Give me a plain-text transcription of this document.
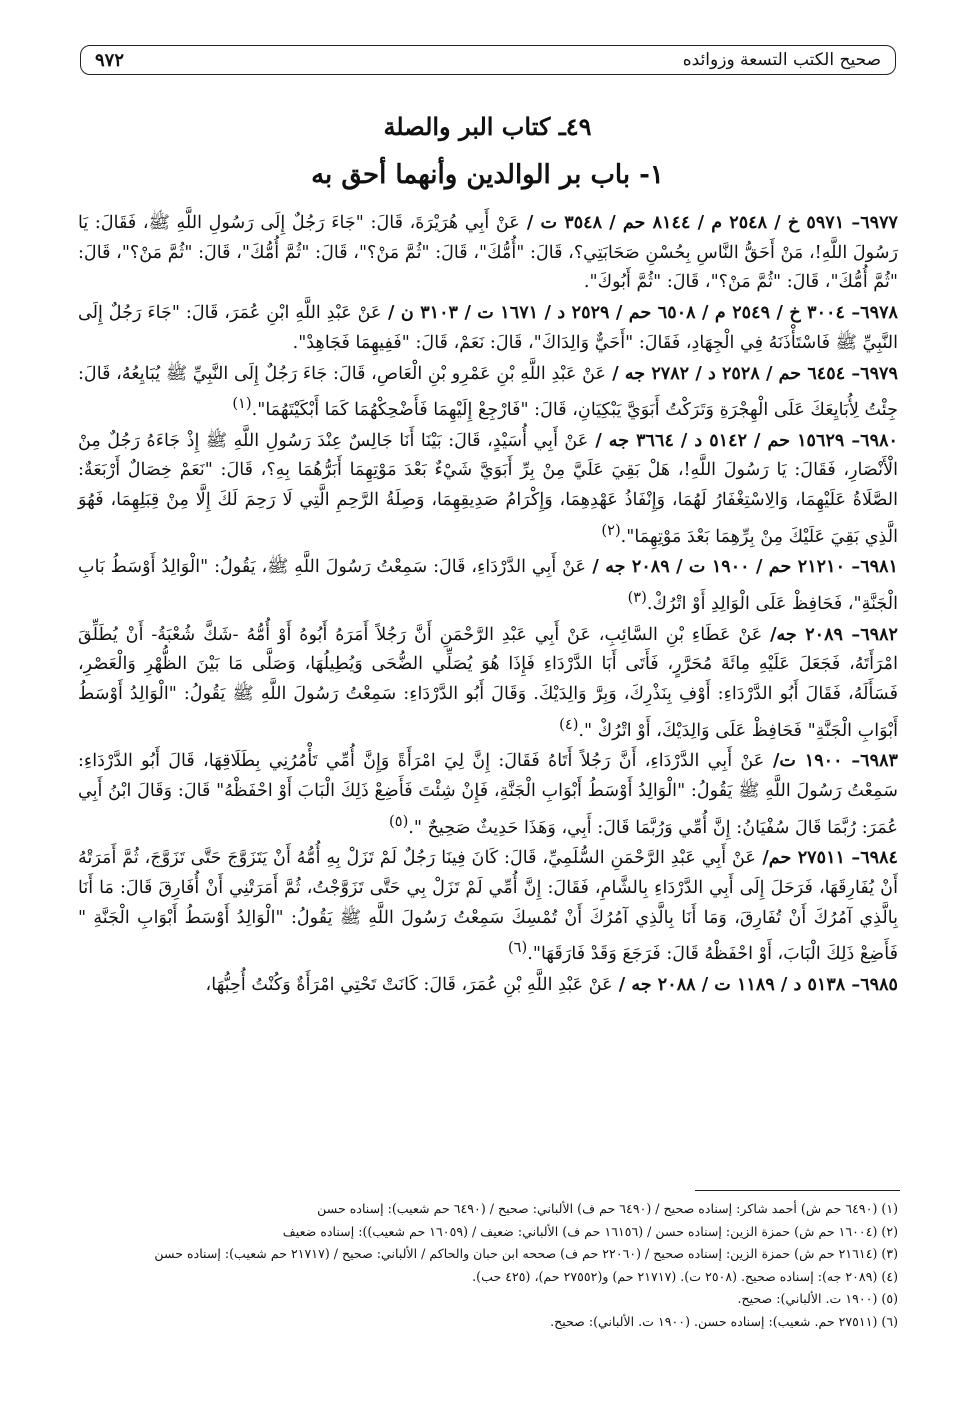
صحيح الكتب التسعة وزوائده
٩٧٢
٤٩ـ كتاب البر والصلة
١- باب بر الوالدين وأنهما أحق به

٦٩٧٧– ٥٩٧١ خ / ٢٥٤٨ م / ٨١٤٤ حم / ٣٥٤٨ ت / عَنْ أَبِي هُرَيْرَةَ، قَالَ: "جَاءَ رَجُلٌ إِلَى رَسُولِ اللَّهِ ﷺ، فَقَالَ: يَا رَسُولَ اللَّهِ!، مَنْ أَحَقُّ النَّاسِ بِحُسْنِ صَحَابَتِي؟، قَالَ: "أُمُّكَ"، قَالَ: "ثُمَّ مَنْ؟"، قَالَ: "ثُمَّ أُمُّكَ"، قَالَ: "ثُمَّ مَنْ؟"، قَالَ: "ثُمَّ أُمُّكَ"، قَالَ: "ثُمَّ مَنْ؟"، قَالَ: "ثُمَّ أَبُوكَ".

٦٩٧٨– ٣٠٠٤ خ / ٢٥٤٩ م / ٦٥٠٨ حم / ٢٥٢٩ د / ١٦٧١ ت / ٣١٠٣ ن / عَنْ عَبْدِ اللَّهِ ابْنِ عُمَرَ، قَالَ: "جَاءَ رَجُلٌ إِلَى النَّبِيِّ ﷺ فَاسْتَأْذَنَهُ فِي الْجِهَادِ، فَقَالَ: "أَحَيٌّ وَالِدَاكَ"، قَالَ: نَعَمْ، قَالَ: "فَفِيهِمَا فَجَاهِدْ".

٦٩٧٩– ٦٤٥٤ حم / ٢٥٢٨ د / ٢٧٨٢ جه / عَنْ عَبْدِ اللَّهِ بْنِ عَمْرِو بْنِ الْعَاصِ، قَالَ: جَاءَ رَجُلٌ إِلَى النَّبِيِّ ﷺ يُبَايِعُهُ، قَالَ: جِئْتُ لِأُبَايِعَكَ عَلَى الْهِجْرَةِ وَتَرَكْتُ أَبَوَيَّ يَبْكِيَانِ، قَالَ: "فَارْجِعْ إِلَيْهِمَا فَأَضْحِكْهُمَا كَمَا أَبْكَيْتَهُمَا".$^{(١)}$

٦٩٨٠– ١٥٦٢٩ حم / ٥١٤٢ د / ٣٦٦٤ جه / عَنْ أَبِي أُسَيْدٍ، قَالَ: بَيْنَا أَنَا جَالِسٌ عِنْدَ رَسُولِ اللَّهِ ﷺ إِذْ جَاءَهُ رَجُلٌ مِنْ الْأَنْصَارِ، فَقَالَ: يَا رَسُولَ اللَّهِ!، هَلْ بَقِيَ عَلَيَّ مِنْ بِرِّ أَبَوَيَّ شَيْءٌ بَعْدَ مَوْتِهِمَا أَبَرُّهُمَا بِهِ؟، قَالَ: "نَعَمْ خِصَالٌ أَرْبَعَةٌ: الصَّلَاةُ عَلَيْهِمَا، وَالِاسْتِغْفَارُ لَهُمَا، وَإِنْفَاذُ عَهْدِهِمَا، وَإِكْرَامُ صَدِيقِهِمَا، وَصِلَةُ الرَّحِمِ الَّتِي لَا رَحِمَ لَكَ إِلَّا مِنْ قِبَلِهِمَا، فَهُوَ الَّذِي بَقِيَ عَلَيْكَ مِنْ بِرِّهِمَا بَعْدَ مَوْتِهِمَا".$^{(٢)}$

٦٩٨١– ٢١٢١٠ حم / ١٩٠٠ ت / ٢٠٨٩ جه / عَنْ أَبِي الدَّرْدَاءِ، قَالَ: سَمِعْتُ رَسُولَ اللَّهِ ﷺ، يَقُولُ: "الْوَالِدُ أَوْسَطُ بَابِ الْجَنَّةِ"، فَحَافِظْ عَلَى الْوَالِدِ أَوْ اتْرُكْ.$^{(٣)}$

٦٩٨٢– ٢٠٨٩ جه/ عَنْ عَطَاءِ بْنِ السَّائِبِ، عَنْ أَبِي عَبْدِ الرَّحْمَنِ أَنَّ رَجُلاً أَمَرَهُ أَبُوهُ أَوْ أُمُّهُ -شَكَّ شُعْبَةُ- أَنْ يُطَلِّقَ امْرَأَتَهُ، فَجَعَلَ عَلَيْهِ مِائَةَ مُحَرَّرٍ، فَأَتَى أَبَا الدَّرْدَاءِ فَإِذَا هُوَ يُصَلِّي الضُّحَى وَيُطِيلُهَا، وَصَلَّى مَا بَيْنَ الظُّهْرِ وَالْعَصْرِ، فَسَأَلَهُ، فَقَالَ أَبُو الدَّرْدَاءِ: أَوْفِ بِنَذْرِكَ، وَبِرَّ وَالِدَيْكَ. وَقَالَ أَبُو الدَّرْدَاءِ: سَمِعْتُ رَسُولَ اللَّهِ ﷺ يَقُولُ: "الْوَالِدُ أَوْسَطُ أَبْوَابِ الْجَنَّةِ" فَحَافِظْ عَلَى وَالِدَيْكَ، أَوْ اتْرُكْ ".$^{(٤)}$

٦٩٨٣– ١٩٠٠ ت/ عَنْ أَبِي الدَّرْدَاءِ، أَنَّ رَجُلاً أَتَاهُ فَقَالَ: إِنَّ لِيَ امْرَأَةً وَإِنَّ أُمِّي تَأْمُرُنِي بِطَلَاقِهَا، قَالَ أَبُو الدَّرْدَاءِ: سَمِعْتُ رَسُولَ اللَّهِ ﷺ يَقُولُ: "الْوَالِدُ أَوْسَطُ أَبْوَابِ الْجَنَّةِ، فَإِنْ شِئْتَ فَأَضِعْ ذَلِكَ الْبَابَ أَوْ احْفَظْهُ" قَالَ: وَقَالَ ابْنُ أَبِي عُمَرَ: رُبَّمَا قَالَ سُفْيَانُ: إِنَّ أُمِّي وَرُبَّمَا قَالَ: أَبِي، وَهَذَا حَدِيثٌ صَحِيحٌ ".$^{(٥)}$

٦٩٨٤– ٢٧٥١١ حم/ عَنْ أَبِي عَبْدِ الرَّحْمَنِ السُّلَمِيِّ، قَالَ: كَانَ فِينَا رَجُلٌ لَمْ تَزَلْ بِهِ أُمُّهُ أَنْ يَتَزَوَّجَ حَتَّى تَزَوَّجَ، ثُمَّ أَمَرَتْهُ أَنْ يُفَارِقَهَا، فَرَحَلَ إِلَى أَبِي الدَّرْدَاءِ بِالشَّامِ، فَقَالَ: إِنَّ أُمِّي لَمْ تَزَلْ بِي حَتَّى تَزَوَّجْتُ، ثُمَّ أَمَرَتْنِي أَنْ أُفَارِقَ قَالَ: مَا أَنَا بِالَّذِي آمُرُكَ أَنْ تُفَارِقَ، وَمَا أَنَا بِالَّذِي آمُرُكَ أَنْ تُمْسِكَ سَمِعْتُ رَسُولَ اللَّهِ ﷺ يَقُولُ: "الْوَالِدُ أَوْسَطُ أَبْوَابِ الْجَنَّةِ " فَأَضِعْ ذَلِكَ الْبَابَ، أَوْ احْفَظْهُ قَالَ: فَرَجَعَ وَقَدْ فَارَقَهَا".$^{(٦)}$

٦٩٨٥– ٥١٣٨ د / ١١٨٩ ت / ٢٠٨٨ جه / عَنْ عَبْدِ اللَّهِ بْنِ عُمَرَ، قَالَ: كَانَتْ تَحْتِي امْرَأَةٌ وَكُنْتُ أُحِبُّهَا،

(١) (٦٤٩٠ حم ش) أحمد شاكر: إسناده صحيح / (٦٤٩٠ حم ف) الألباني: صحيح / (٦٤٩٠ حم شعيب): إسناده حسن

(٢) (١٦٠٠٤ حم ش) حمزة الزين: إسناده حسن / (١٦١٥٦ حم ف) الألباني: ضعيف / (١٦٠٥٩ حم شعيب)): إسناده ضعيف

(٣) (٢١٦١٤ حم ش) حمزة الزين: إسناده صحيح / (٢٢٠٦٠ حم ف) صححه ابن حبان والحاكم / الألباني: صحيح / (٢١٧١٧ حم شعيب): إسناده حسن

(٤) (٢٠٨٩ جه): إسناده صحيح. (٢٥٠٨ ت). (٢١٧١٧ حم) و(٢٧٥٥٢ حم)، (٤٢٥ حب).

(٥) (١٩٠٠ ت. الألباني): صحيح.

(٦) (٢٧٥١١ حم. شعيب): إسناده حسن. (١٩٠٠ ت. الألباني): صحيح.
